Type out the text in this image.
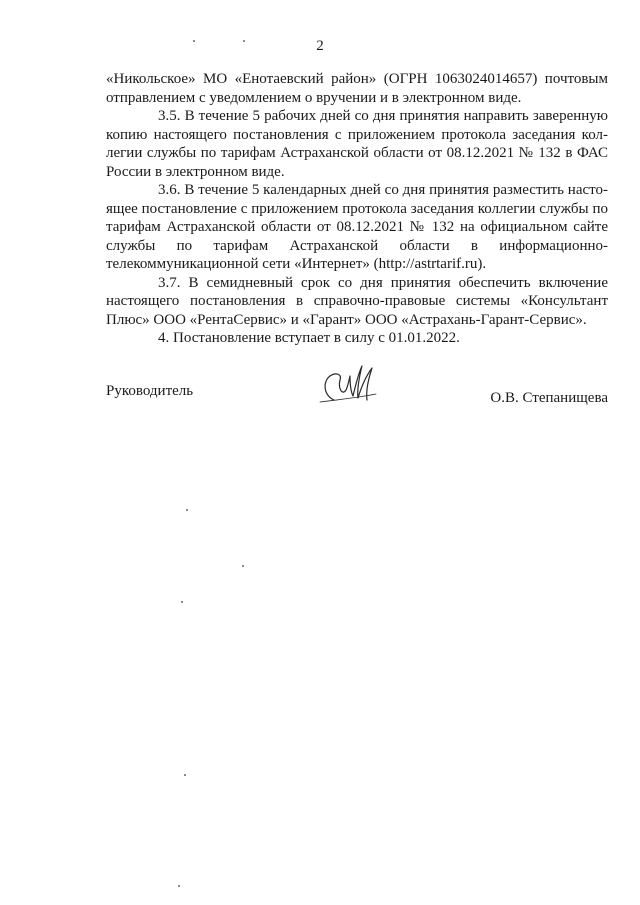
2

«Никольское» МО «Енотаевский район» (ОГРН 1063024014657) почтовым отправлением с уведомлением о вручении и в электронном виде.

3.5. В течение 5 рабочих дней со дня принятия направить заверенную копию настоящего постановления с приложением протокола заседания коллегии службы по тарифам Астраханской области от 08.12.2021 № 132 в ФАС России в электронном виде.

3.6. В течение 5 календарных дней со дня принятия разместить настоящее постановление с приложением протокола заседания коллегии службы по тарифам Астраханской области от 08.12.2021 № 132 на официальном сайте службы по тарифам Астраханской области в информационно-телекоммуникационной сети «Интернет» (http://astrtarif.ru).

3.7. В семидневный срок со дня принятия обеспечить включение настоящего постановления в справочно-правовые системы «Консультант Плюс» ООО «РентаСервис» и «Гарант» ООО «Астрахань-Гарант-Сервис».

4. Постановление вступает в силу с 01.01.2022.

Руководитель	О.В. Степанищева
